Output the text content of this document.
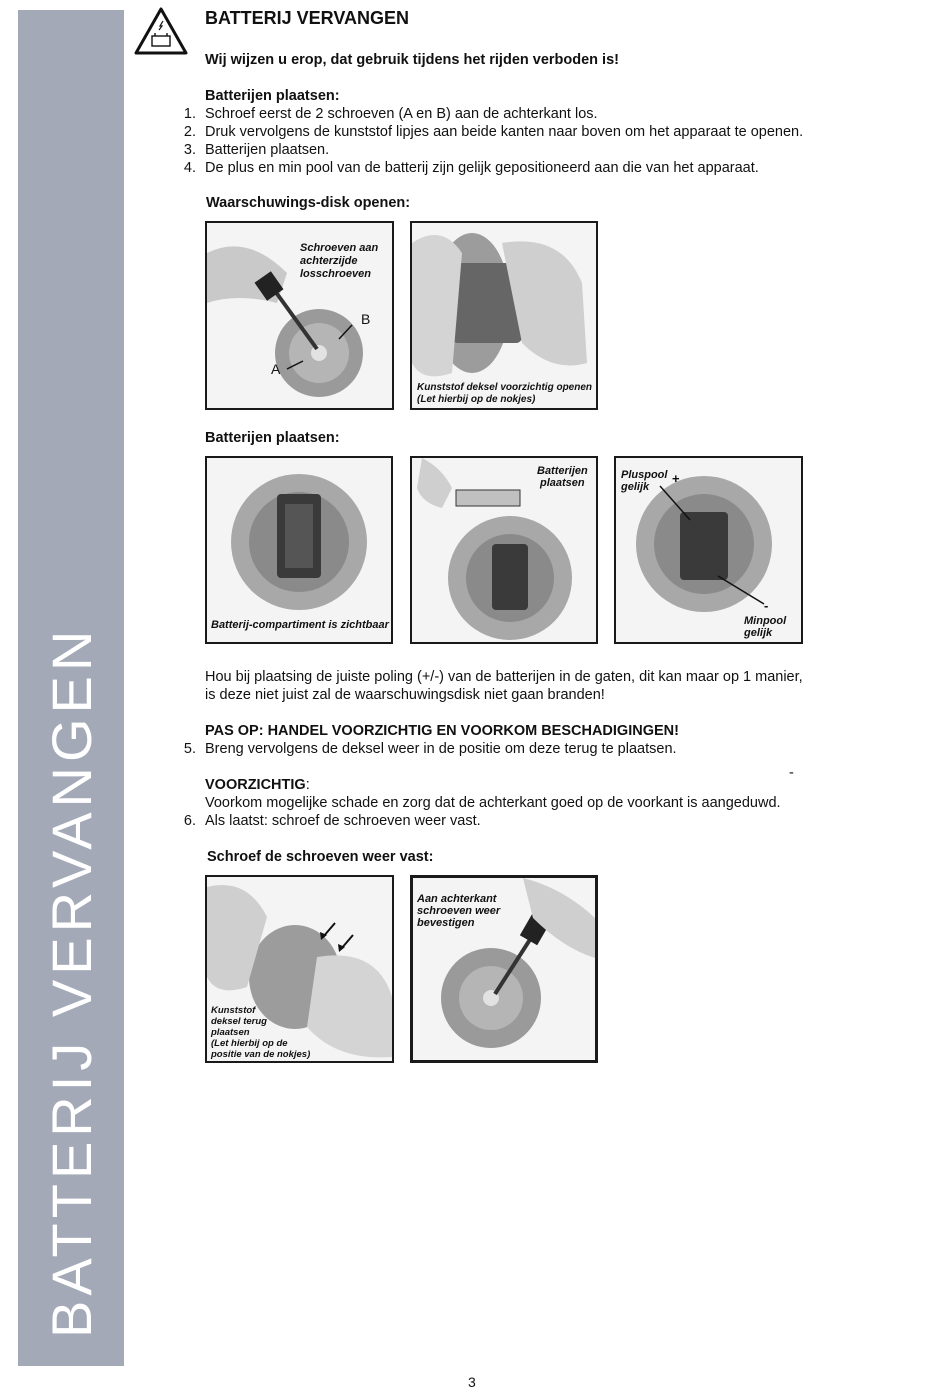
BATTERIJ VERVANGEN
BATTERIJ VERVANGEN
Wij wijzen u erop, dat gebruik tijdens het rijden verboden is!
Batterijen plaatsen:
1. Schroef eerst de 2 schroeven (A en B) aan de achterkant los.
2. Druk vervolgens de kunststof lipjes aan beide kanten naar boven om het apparaat te openen.
3. Batterijen plaatsen.
4. De plus en min pool van de batterij zijn gelijk gepositioneerd aan die van het apparaat.
Waarschuwings-disk openen:
Schroeven aan
achterzijde
losschroeven
B
A
Kunststof deksel voorzichtig openen
(Let hierbij op de nokjes)
Batterijen plaatsen:
Batterij-compartiment is zichtbaar
Batterijen
plaatsen
Pluspool
gelijk
+
-
Minpool
gelijk
Hou bij plaatsing de juiste poling (+/-) van de batterijen in de gaten, dit kan maar op 1 manier,
is deze niet juist zal de waarschuwingsdisk niet gaan branden!
PAS OP: HANDEL VOORZICHTIG EN VOORKOM BESCHADIGINGEN!
5. Breng vervolgens de deksel weer in de positie om deze terug te plaatsen.
-
VOORZICHTIG:
Voorkom mogelijke schade en zorg dat de achterkant goed op de voorkant is aangeduwd.
6. Als laatst: schroef de schroeven weer vast.
Schroef de schroeven weer vast:
Kunststof
deksel terug
plaatsen
(Let hierbij op de
positie van de nokjes)
Aan achterkant
schroeven weer
bevestigen
3
